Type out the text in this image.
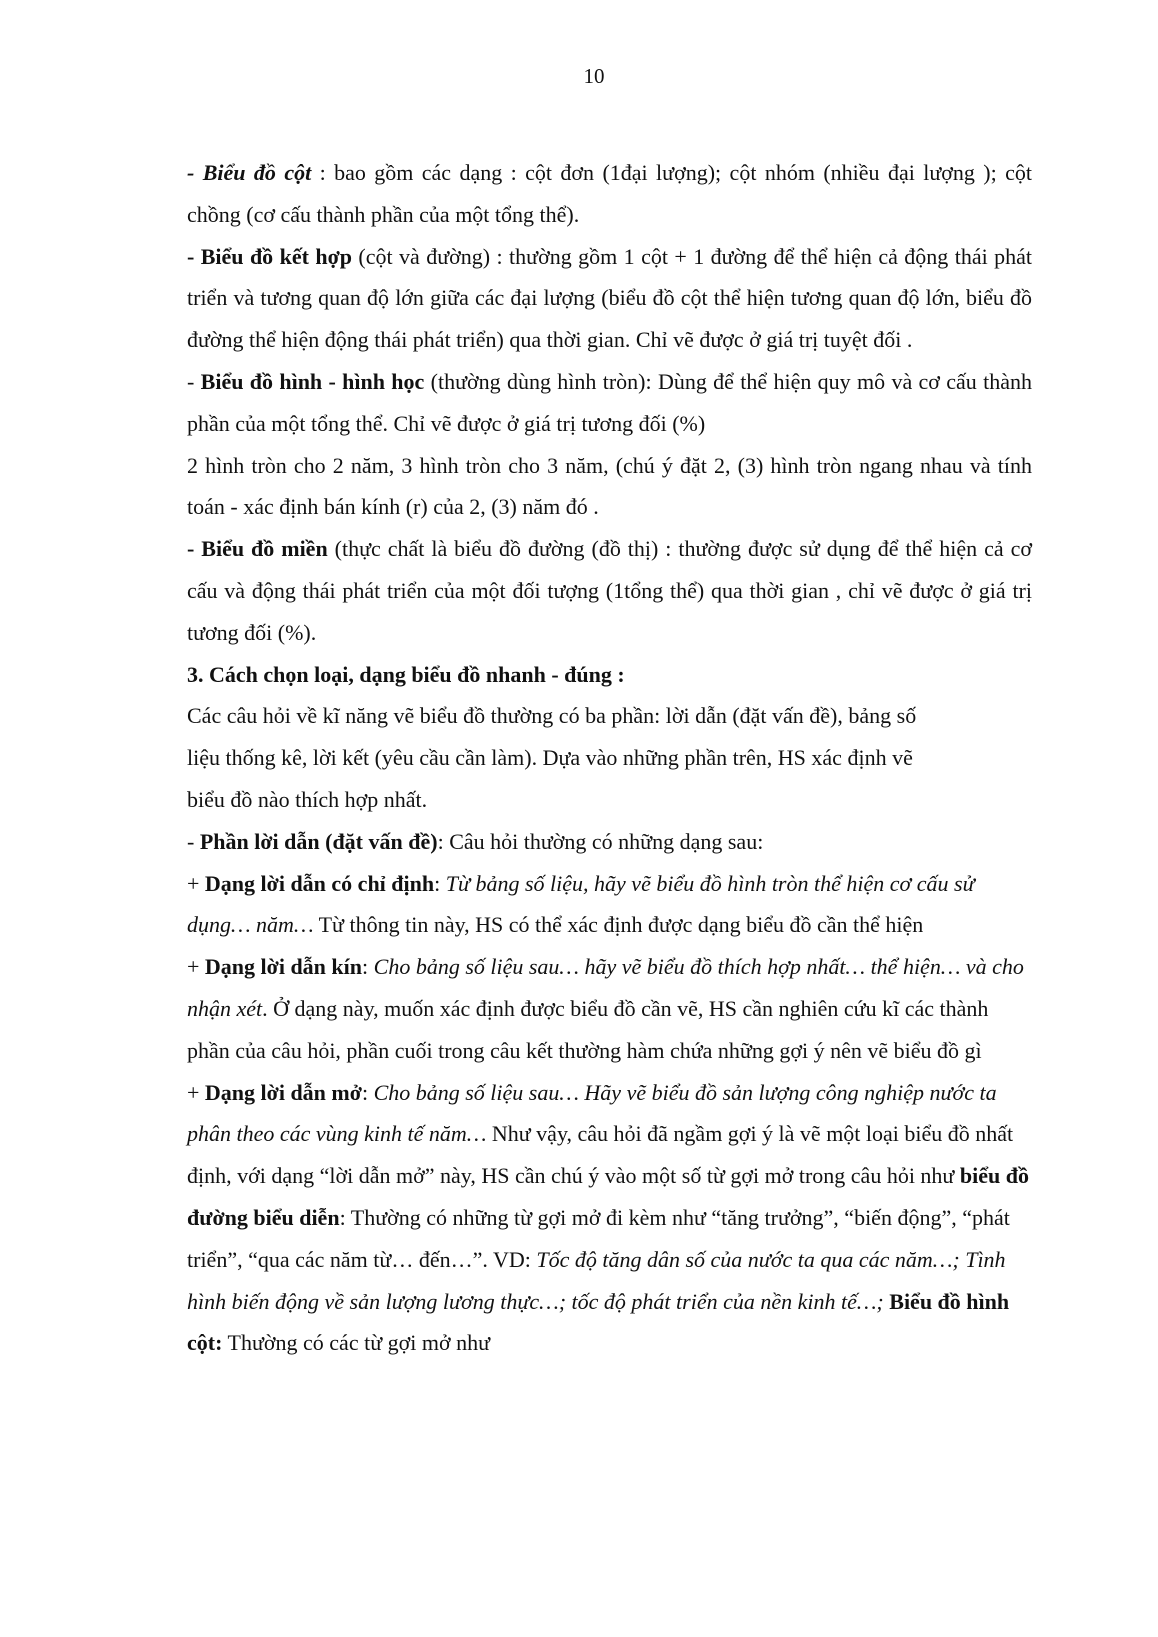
10

- Biểu đồ cột : bao gồm các dạng : cột đơn (1đại lượng); cột nhóm (nhiều đại lượng ); cột chồng (cơ cấu thành phần của một tổng thể).

- Biểu đồ kết hợp (cột và đường) : thường gồm 1 cột + 1 đường để thể hiện cả động thái phát triển và tương quan độ lớn giữa các đại lượng (biểu đồ cột thể hiện tương quan độ lớn, biểu đồ đường thể hiện động thái phát triển) qua thời gian. Chỉ vẽ được ở giá trị tuyệt đối .

- Biểu đồ hình - hình học (thường dùng hình tròn): Dùng để thể hiện quy mô và cơ cấu thành phần của một tổng thể. Chỉ vẽ được ở giá trị tương đối (%)

2 hình tròn cho 2 năm, 3 hình tròn cho 3 năm, (chú ý đặt 2, (3) hình tròn ngang nhau và tính toán - xác định bán kính (r) của 2, (3) năm đó .

- Biểu đồ miền (thực chất là biểu đồ đường (đồ thị) : thường được sử dụng để thể hiện cả cơ cấu và động thái phát triển của một đối tượng (1tổng thể) qua thời gian , chỉ vẽ được ở giá trị tương đối (%).

3. Cách chọn loại, dạng biểu đồ nhanh - đúng :

Các câu hỏi về kĩ năng vẽ biểu đồ thường có ba phần: lời dẫn (đặt vấn đề), bảng số
liệu thống kê, lời kết (yêu cầu cần làm). Dựa vào những phần trên, HS xác định vẽ
biểu đồ nào thích hợp nhất.

- Phần lời dẫn (đặt vấn đề): Câu hỏi thường có những dạng sau:

+ Dạng lời dẫn có chỉ định: Từ bảng số liệu, hãy vẽ biểu đồ hình tròn thể hiện cơ cấu sử dụng… năm… Từ thông tin này, HS có thể xác định được dạng biểu đồ cần thể hiện

+ Dạng lời dẫn kín: Cho bảng số liệu sau… hãy vẽ biểu đồ thích hợp nhất… thể hiện… và cho nhận xét. Ở dạng này, muốn xác định được biểu đồ cần vẽ, HS cần nghiên cứu kĩ các thành phần của câu hỏi, phần cuối trong câu kết thường hàm chứa những gợi ý nên vẽ biểu đồ gì

+ Dạng lời dẫn mở: Cho bảng số liệu sau… Hãy vẽ biểu đồ sản lượng công nghiệp nước ta phân theo các vùng kinh tế năm… Như vậy, câu hỏi đã ngầm gợi ý là vẽ một loại biểu đồ nhất định, với dạng “lời dẫn mở” này, HS cần chú ý vào một số từ gợi mở trong câu hỏi như biểu đồ đường biểu diễn: Thường có những từ gợi mở đi kèm như “tăng trưởng”, “biến động”, “phát triển”, “qua các năm từ… đến…”. VD: Tốc độ tăng dân số của nước ta qua các năm…; Tình hình biến động về sản lượng lương thực…; tốc độ phát triển của nền kinh tế…; Biểu đồ hình cột: Thường có các từ gợi mở như
